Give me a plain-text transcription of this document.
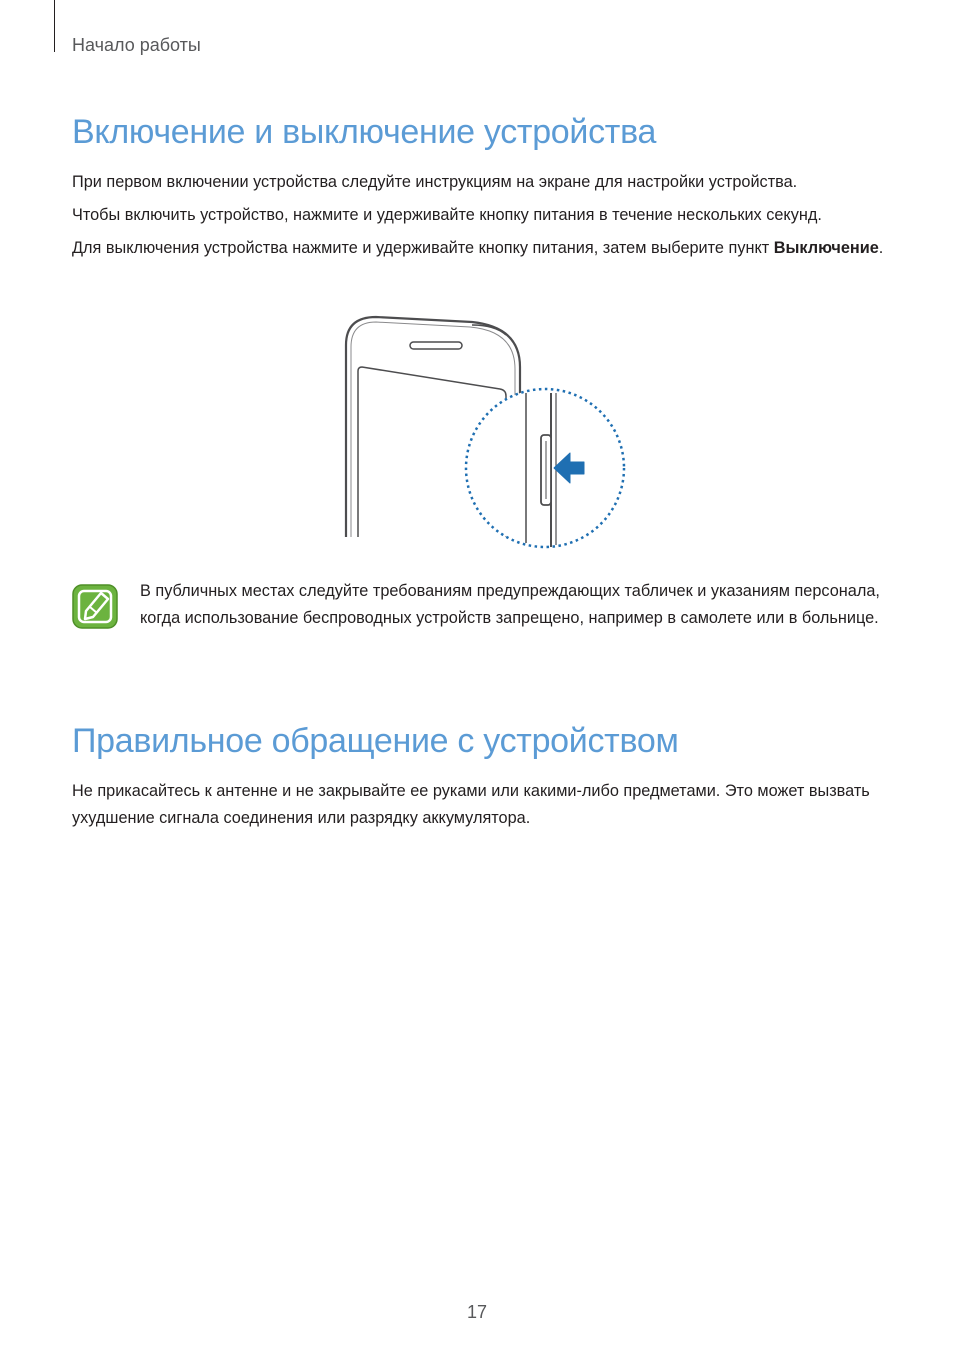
Начало работы

Включение и выключение устройства

При первом включении устройства следуйте инструкциям на экране для настройки устройства.

Чтобы включить устройство, нажмите и удерживайте кнопку питания в течение нескольких секунд.

Для выключения устройства нажмите и удерживайте кнопку питания, затем выберите пункт Выключение.

В публичных местах следуйте требованиям предупреждающих табличек и указаниям персонала, когда использование беспроводных устройств запрещено, например в самолете или в больнице.

Правильное обращение с устройством

Не прикасайтесь к антенне и не закрывайте ее руками или какими-либо предметами. Это может вызвать ухудшение сигнала соединения или разрядку аккумулятора.

17
